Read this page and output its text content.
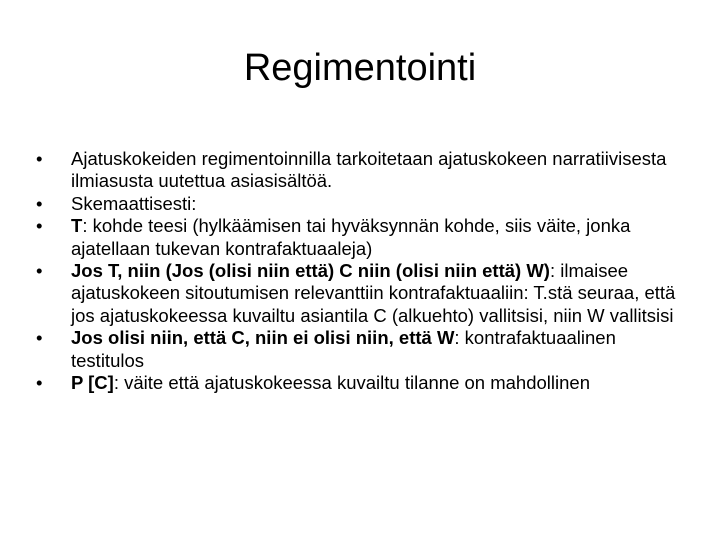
Regimentointi
•	Ajatuskokeiden regimentoinnilla tarkoitetaan ajatuskokeen narratiivisesta ilmiasusta uutettua asiasisältöä.
•	Skemaattisesti:
•	T: kohde teesi (hylkäämisen tai hyväksynnän kohde, siis väite, jonka ajatellaan tukevan kontrafaktuaaleja)
•	Jos T, niin (Jos (olisi niin että) C niin (olisi niin että) W): ilmaisee ajatuskokeen sitoutumisen relevanttiin kontrafaktuaaliin: T.stä seuraa, että jos ajatuskokeessa kuvailtu asiantila C (alkuehto) vallitsisi, niin W vallitsisi
•	Jos olisi niin, että C, niin ei olisi niin, että W: kontrafaktuaalinen testitulos
•	P [C]: väite että ajatuskokeessa kuvailtu tilanne on mahdollinen
